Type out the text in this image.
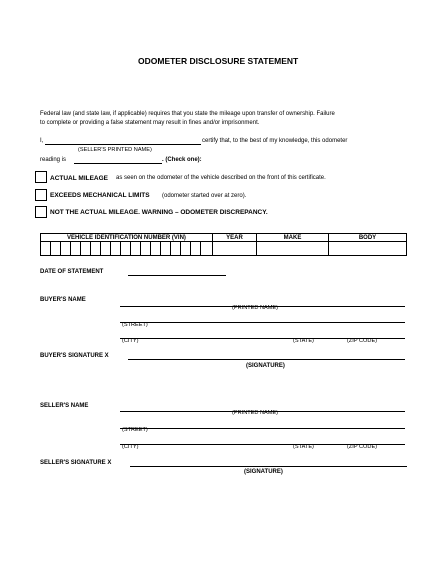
ODOMETER DISCLOSURE STATEMENT
Federal law (and state law, if applicable) requires that you state the mileage upon transfer of ownership. Failure
to complete or providing a false statement may result in fines and/or imprisonment.
I,	certify that, to the best of my knowledge, this odometer
(SELLER'S PRINTED NAME)
reading is	. (Check one):
ACTUAL MILEAGE as seen on the odometer of the vehicle described on the front of this certificate.
EXCEEDS MECHANICAL LIMITS (odometer started over at zero).
NOT THE ACTUAL MILEAGE. WARNING – ODOMETER DISCREPANCY.
VEHICLE IDENTIFICATION NUMBER (VIN)																	YEAR	MAKE	BODY

DATE OF STATEMENT
BUYER'S NAME
(PRINTED NAME)
(STREET)
(CITY)	(STATE)	(ZIP CODE)
BUYER'S SIGNATURE X
(SIGNATURE)
SELLER'S NAME
(PRINTED NAME)
(STREET)
(CITY)	(STATE)	(ZIP CODE)
SELLER'S SIGNATURE X
(SIGNATURE)
